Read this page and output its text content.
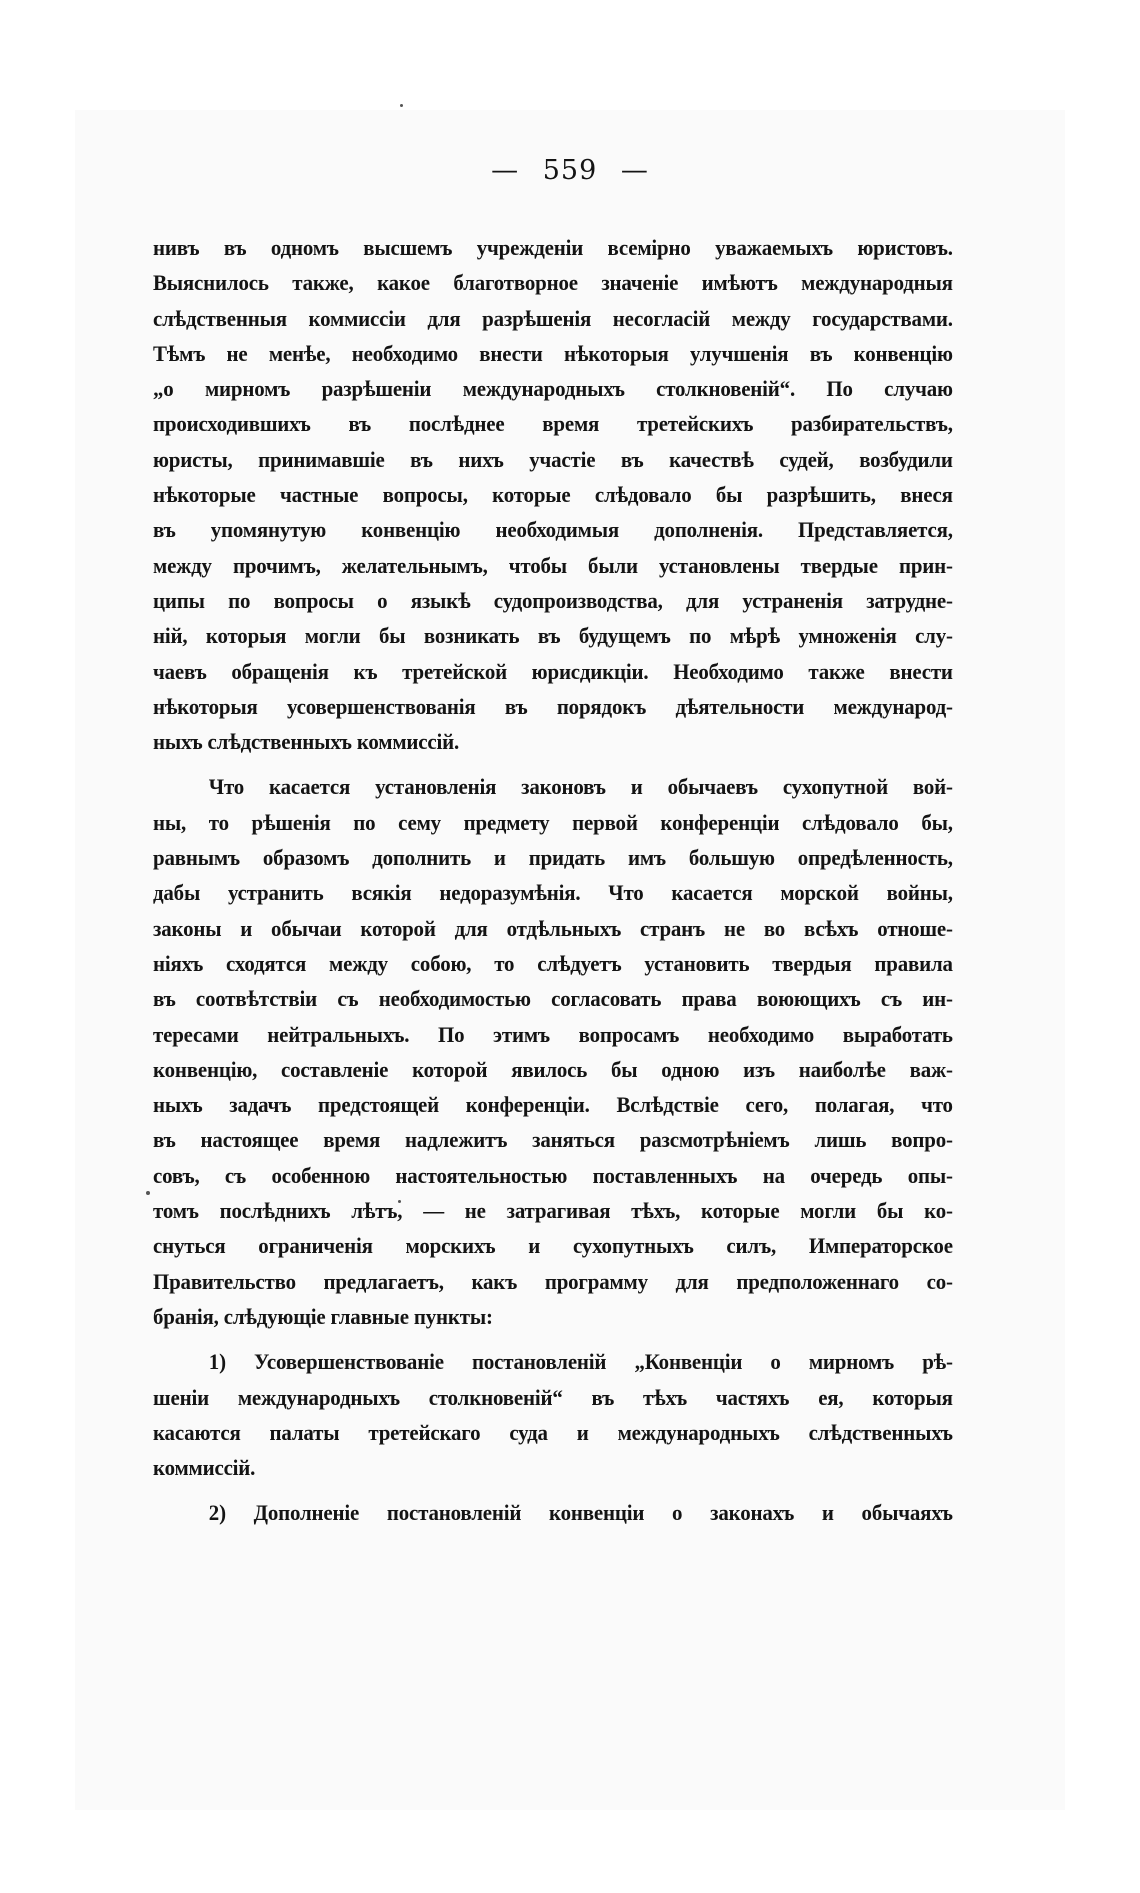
— 559 —
нивъ въ одномъ высшемъ учрежденіи всемірно уважаемыхъ юристовъ.
Выяснилось также, какое благотворное значеніе имѣютъ международныя
слѣдственныя коммиссіи для разрѣшенія несогласій между государствами.
Тѣмъ не менѣе, необходимо внести нѣкоторыя улучшенія въ конвенцію
„о мирномъ разрѣшеніи международныхъ столкновеній“. По случаю
происходившихъ въ послѣднее время третейскихъ разбирательствъ,
юристы, принимавшіе въ нихъ участіе въ качествѣ судей, возбудили
нѣкоторые частные вопросы, которые слѣдовало бы разрѣшить, внеся
въ упомянутую конвенцію необходимыя дополненія. Представляется,
между прочимъ, желательнымъ, чтобы были установлены твердые прин-
ципы по вопросы о языкѣ судопроизводства, для устраненія затрудне-
ній, которыя могли бы возникать въ будущемъ по мѣрѣ умноженія слу-
чаевъ обращенія къ третейской юрисдикціи. Необходимо также внести
нѣкоторыя усовершенствованія въ порядокъ дѣятельности международ-
ныхъ слѣдственныхъ коммиссій.
Что касается установленія законовъ и обычаевъ сухопутной вой-
ны, то рѣшенія по сему предмету первой конференціи слѣдовало бы,
равнымъ образомъ дополнить и придать имъ большую опредѣленность,
дабы устранить всякія недоразумѣнія. Что касается морской войны,
законы и обычаи которой для отдѣльныхъ странъ не во всѣхъ отноше-
ніяхъ сходятся между собою, то слѣдуетъ установить твердыя правила
въ соотвѣтствіи съ необходимостью согласовать права воюющихъ съ ин-
тересами нейтральныхъ. По этимъ вопросамъ необходимо выработать
конвенцію, составленіе которой явилось бы одною изъ наиболѣе важ-
ныхъ задачъ предстоящей конференціи. Вслѣдствіе сего, полагая, что
въ настоящее время надлежитъ заняться разсмотрѣніемъ лишь вопро-
совъ, съ особенною настоятельностью поставленныхъ на очередь опы-
томъ послѣднихъ лѣтъ, — не затрагивая тѣхъ, которые могли бы ко-
снуться ограниченія морскихъ и сухопутныхъ силъ, Императорское
Правительство предлагаетъ, какъ программу для предположеннаго со-
бранія, слѣдующіе главные пункты:
1) Усовершенствованіе постановленій „Конвенціи о мирномъ рѣ-
шеніи международныхъ столкновеній“ въ тѣхъ частяхъ ея, которыя
касаются палаты третейскаго суда и международныхъ слѣдственныхъ
коммиссій.
2) Дополненіе постановленій конвенціи о законахъ и обычаяхъ
